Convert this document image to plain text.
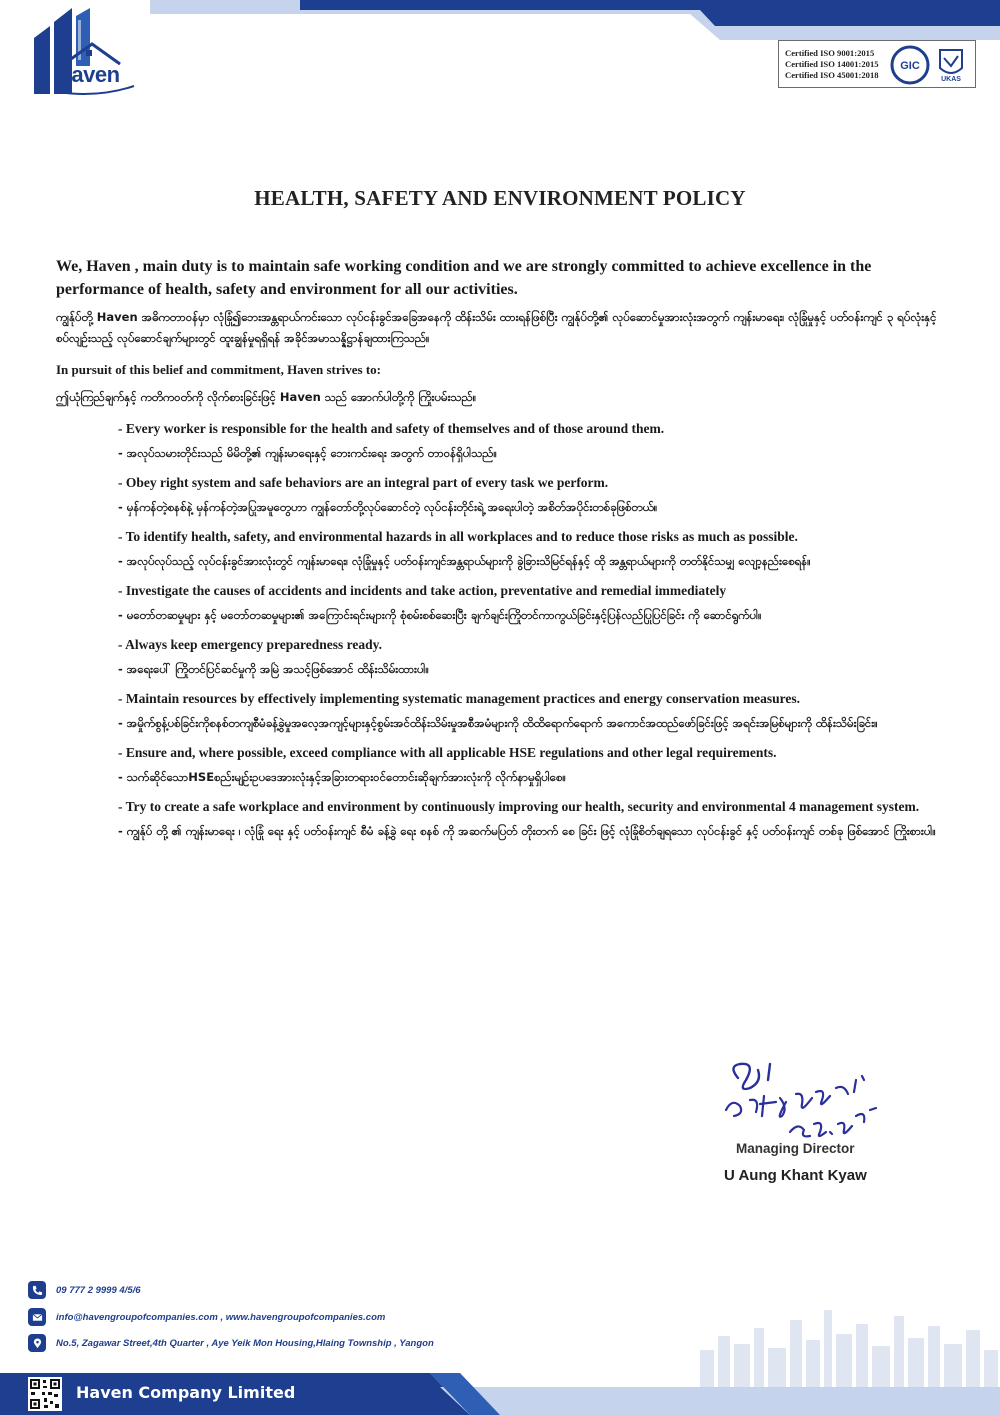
Haven
Certified ISO 9001:2015
Certified ISO 14001:2015
Certified ISO 45001:2018
GIC
UKAS
HEALTH, SAFETY AND ENVIRONMENT POLICY

We, Haven , main duty is to maintain safe working condition and we are strongly committed to achieve excellence in the performance of health, safety and environment for all our activities.

ကျွန်ုပ်တို့ Haven အဓိကတာဝန်မှာ လုံခြုံ၍ဘေးအန္တရာယ်ကင်းသော လုပ်ငန်းခွင်အခြေအနေကို ထိန်းသိမ်း ထားရန်ဖြစ်ပြီး ကျွန်ုပ်တို့၏ လုပ်ဆောင်မှုအားလုံးအတွက် ကျန်းမာရေး၊ လုံခြုံမှုနှင့် ပတ်ဝန်းကျင် ၃ ရပ်လုံးနှင့် စပ်လျဉ်းသည့် လုပ်ဆောင်ချက်များတွင် ထူးချွန်မှုရရှိရန် အခိုင်အမာသန္နိဋ္ဌာန်ချထားကြသည်။

In pursuit of this belief and commitment, Haven strives to:

ဤယုံကြည်ချက်နှင့် ကတိကဝတ်ကို လိုက်စားခြင်းဖြင့် Haven သည် အောက်ပါတို့ကို ကြိုးပမ်းသည်။

- Every worker is responsible for the health and safety of themselves and of those around them.

- အလုပ်သမားတိုင်းသည် မိမိတို့၏ ကျန်းမာရေးနှင့် ဘေးကင်းရေး အတွက် တာဝန်ရှိပါသည်။

- Obey right system and safe behaviors are an integral part of every task we perform.

- မှန်ကန်တဲ့စနစ်နဲ့ မှန်ကန်တဲ့အပြုအမူတွေဟာ ကျွန်တော်တို့လုပ်ဆောင်တဲ့ လုပ်ငန်းတိုင်းရဲ့ အရေးပါတဲ့ အစိတ်အပိုင်းတစ်ခုဖြစ်တယ်။

- To identify health, safety, and environmental hazards in all workplaces and to reduce those risks as much as possible.

- အလုပ်လုပ်သည့် လုပ်ငန်းခွင်အားလုံးတွင် ကျန်းမာရေး၊ လုံခြုံမှုနှင့် ပတ်ဝန်းကျင်အန္တရာယ်များကို ခွဲခြားသိမြင်ရန်နှင့် ထို အန္တရာယ်များကို တတ်နိုင်သမျှ လျော့နည်းစေရန်။

- Investigate the causes of accidents and incidents and take action, preventative and remedial immediately

- မတော်တဆမှုများ နှင့် မတော်တဆမှုများ၏ အကြောင်းရင်းများကို စုံစမ်းစစ်ဆေးပြီး ချက်ချင်းကြိုတင်ကာကွယ်ခြင်းနှင့်ပြန်လည်ပြုပြင်ခြင်း ကို ဆောင်ရွက်ပါ။

- Always keep emergency preparedness ready.

- အရေးပေါ် ကြိုတင်ပြင်ဆင်မှုကို အမြဲ အသင့်ဖြစ်အောင် ထိန်းသိမ်းထားပါ။

- Maintain resources by effectively implementing systematic management practices and energy conservation measures.

- အမှိုက်စွန့်ပစ်ခြင်းကိုစနစ်တကျစီမံခန့်ခွဲမှုအလေ့အကျင့်များနှင့်စွမ်းအင်ထိန်းသိမ်းမှုအစီအမံများကို ထိထိရောက်ရောက် အကောင်အထည်ဖော်ခြင်းဖြင့် အရင်းအမြစ်များကို ထိန်းသိမ်းခြင်း။

- Ensure and, where possible, exceed compliance with all applicable HSE regulations and other legal requirements.

- သက်ဆိုင်သောHSEစည်းမျဉ်းဥပဒေအားလုံးနှင့်အခြားတရားဝင်တောင်းဆိုချက်အားလုံးကို လိုက်နာမှုရှိပါစေ။

- Try to create a safe workplace and environment by continuously improving our health, security and environmental 4 management system.

- ကျွန်ုပ် တို့ ၏ ကျန်းမာရေး ၊ လုံခြုံ ရေး နှင့် ပတ်ဝန်းကျင် စီမံ ခန့်ခွဲ ရေး စနစ် ကို အဆက်မပြတ် တိုးတက် စေ ခြင်း ဖြင့် လုံခြုံစိတ်ချရသော လုပ်ငန်းခွင် နှင့် ပတ်ဝန်းကျင် တစ်ခု ဖြစ်အောင် ကြိုးစားပါ။

Managing Director
U Aung Khant Kyaw
09 777 2 9999 4/5/6
info@havengroupofcompanies.com , www.havengroupofcompanies.com
No.5, Zagawar Street,4th Quarter , Aye Yeik Mon Housing,Hlaing Township , Yangon
Haven Company Limited
